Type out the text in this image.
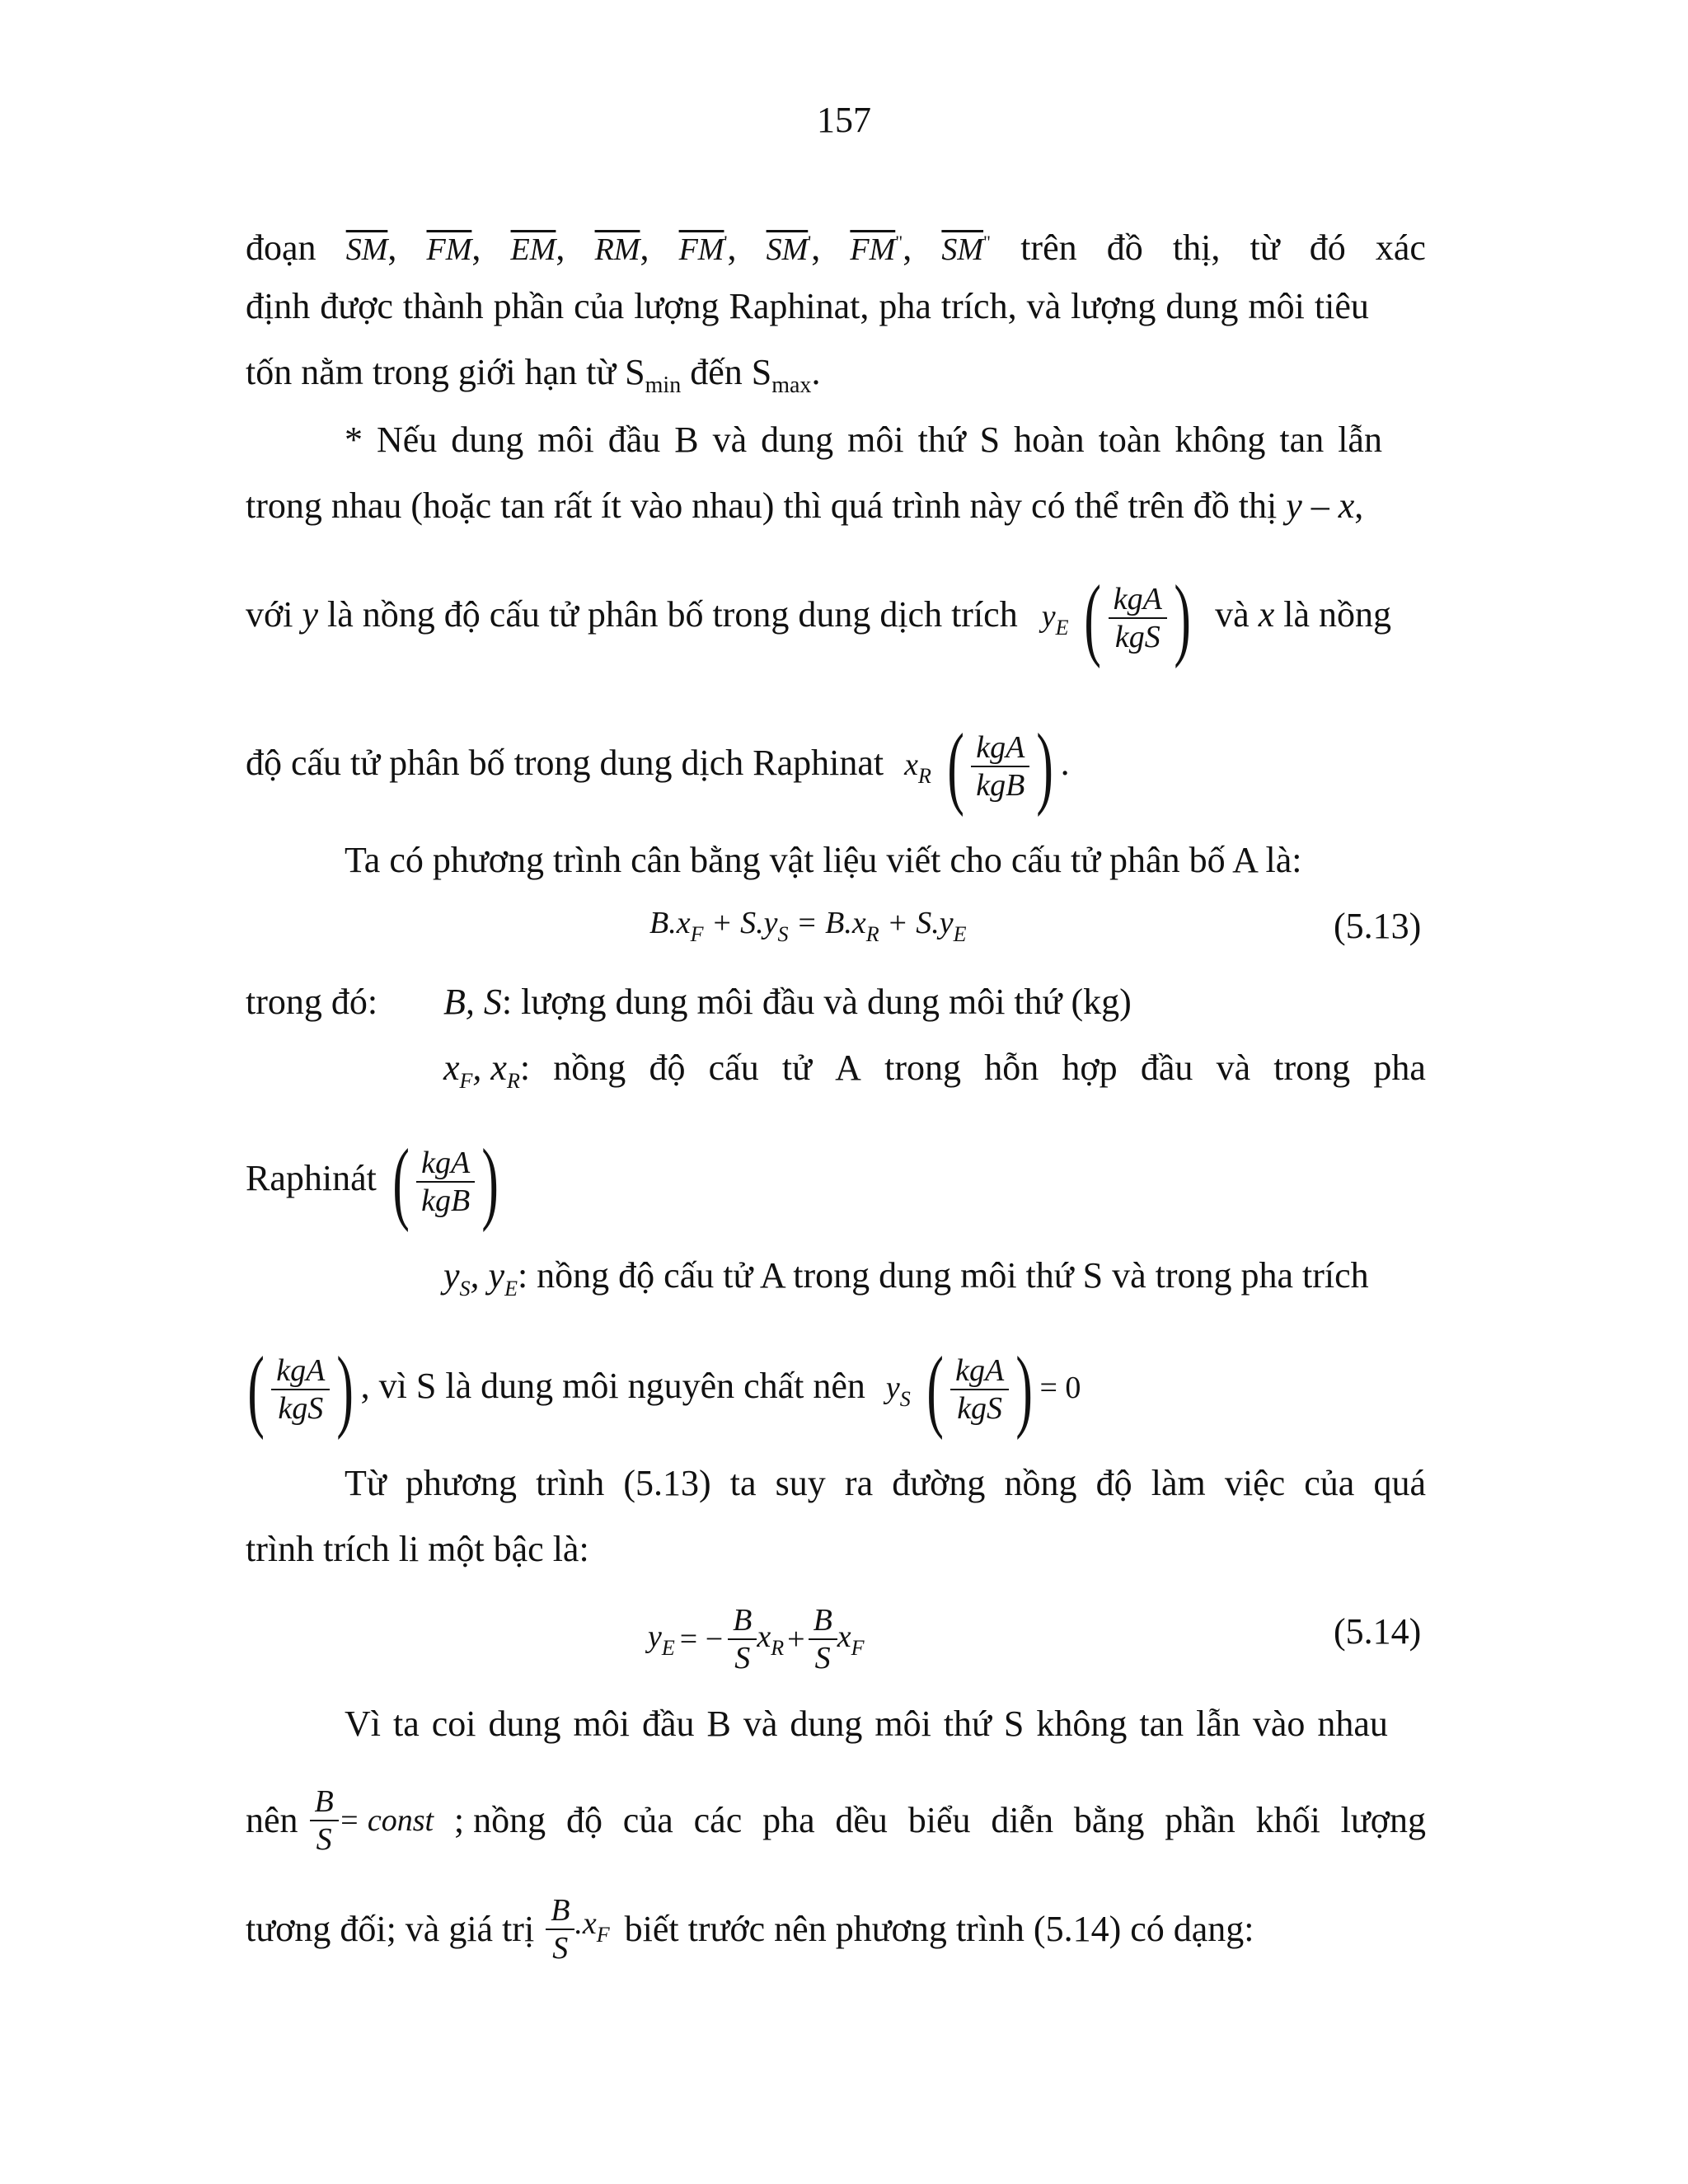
157
đoạn $\overline{SM}$, $\overline{FM}$, $\overline{EM}$, $\overline{RM}$, $\overline{FM}'$, $\overline{SM}'$, $\overline{FM}^"$, $\overline{SM}^"$ trên đồ thị, từ đó xác
định được thành phần của lượng Raphinat, pha trích, và lượng dung môi tiêu
tốn nằm trong giới hạn từ $S_{min}$ đến $S_{max}$.
* Nếu dung môi đầu B và dung môi thứ S hoàn toàn không tan lẫn
trong nhau (hoặc tan rất ít vào nhau) thì quá trình này có thể trên đồ thị y – x,
với y là nồng độ cấu tử phân bố trong dung dịch trích $y_E$ ( $\frac{\text{kgA}}{\text{kgS}}$ ) và x là nồng
độ cấu tử phân bố trong dung dịch Raphinat $x_R$ ( $\frac{\text{kgA}}{\text{kgB}}$ ) .
Ta có phương trình cân bằng vật liệu viết cho cấu tử phân bố A là:
$B.x_F + S.y_S = B.x_R + S.y_E$	(5.13)
trong đó: B, S: lượng dung môi đầu và dung môi thứ (kg)
$x_F$, $x_R$: nồng độ cấu tử A trong hỗn hợp đầu và trong pha
Raphinát ( $\frac{\text{kgA}}{\text{kgB}}$ )
$y_S$, $y_E$: nồng độ cấu tử A trong dung môi thứ S và trong pha trích
( $\frac{\text{kgA}}{\text{kgS}}$ ) , vì S là dung môi nguyên chất nên $y_S$ ( $\frac{\text{kgA}}{\text{kgS}}$ ) = 0
Từ phương trình (5.13) ta suy ra đường nồng độ làm việc của quá
trình trích li một bậc là:
$y_E$ = − $\frac{B}{S} x_R + \frac{B}{S} x_F$	(5.14)
Vì ta coi dung môi đầu B và dung môi thứ S không tan lẫn vào nhau
nên $\frac{B}{S}$ = const ; nồng độ của các pha dều biểu diễn bằng phần khối lượng
tương đối; và giá trị $\frac{B}{S} .x_F$ biết trước nên phương trình (5.14) có dạng:
